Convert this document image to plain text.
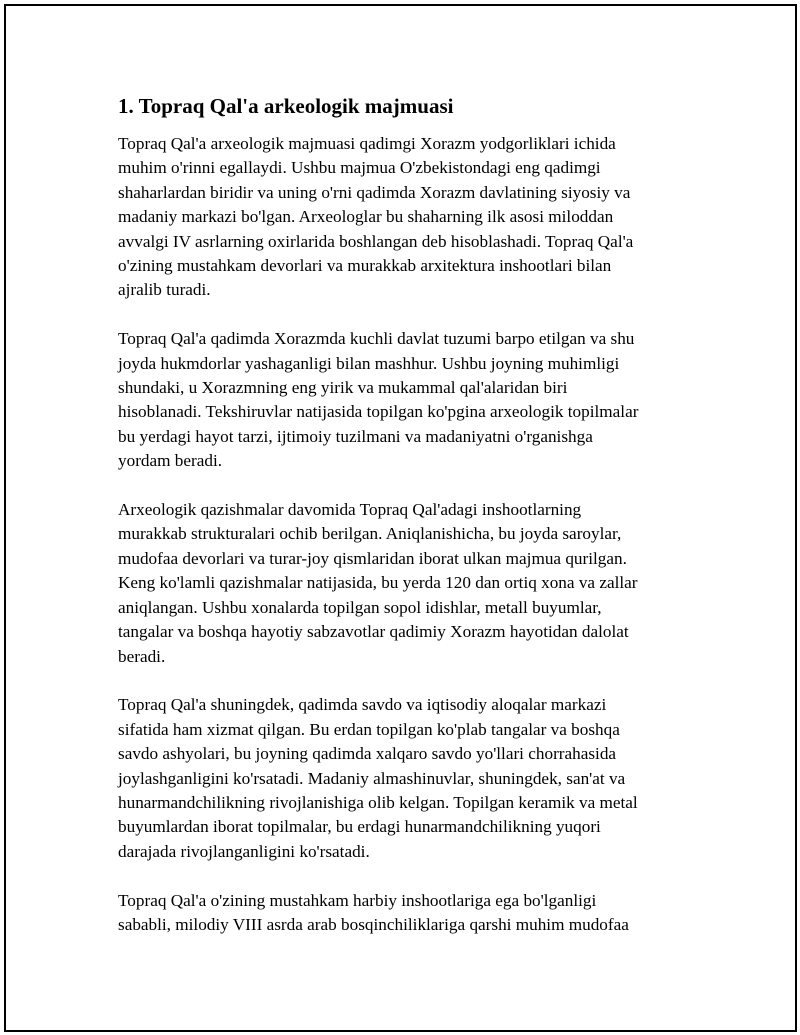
1. Topraq Qal'a arkeologik majmuasi
Topraq Qal'a arxeologik majmuasi qadimgi Xorazm yodgorliklari ichida
muhim o'rinni egallaydi. Ushbu majmua O'zbekistondagi eng qadimgi
shaharlardan biridir va uning o'rni qadimda Xorazm davlatining siyosiy va
madaniy markazi bo'lgan. Arxeologlar bu shaharning ilk asosi miloddan
avvalgi IV asrlarning oxirlarida boshlangan deb hisoblashadi. Topraq Qal'a
o'zining mustahkam devorlari va murakkab arxitektura inshootlari bilan
ajralib turadi.
Topraq Qal'a qadimda Xorazmda kuchli davlat tuzumi barpo etilgan va shu
joyda hukmdorlar yashaganligi bilan mashhur. Ushbu joyning muhimligi
shundaki, u Xorazmning eng yirik va mukammal qal'alaridan biri
hisoblanadi. Tekshiruvlar natijasida topilgan ko'pgina arxeologik topilmalar
bu yerdagi hayot tarzi, ijtimoiy tuzilmani va madaniyatni o'rganishga
yordam beradi.
Arxeologik qazishmalar davomida Topraq Qal'adagi inshootlarning
murakkab strukturalari ochib berilgan. Aniqlanishicha, bu joyda saroylar,
mudofaa devorlari va turar-joy qismlaridan iborat ulkan majmua qurilgan.
Keng ko'lamli qazishmalar natijasida, bu yerda 120 dan ortiq xona va zallar
aniqlangan. Ushbu xonalarda topilgan sopol idishlar, metall buyumlar,
tangalar va boshqa hayotiy sabzavotlar qadimiy Xorazm hayotidan dalolat
beradi.
Topraq Qal'a shuningdek, qadimda savdo va iqtisodiy aloqalar markazi
sifatida ham xizmat qilgan. Bu erdan topilgan ko'plab tangalar va boshqa
savdo ashyolari, bu joyning qadimda xalqaro savdo yo'llari chorrahasida
joylashganligini ko'rsatadi. Madaniy almashinuvlar, shuningdek, san'at va
hunarmandchilikning rivojlanishiga olib kelgan. Topilgan keramik va metal
buyumlardan iborat topilmalar, bu erdagi hunarmandchilikning yuqori
darajada rivojlanganligini ko'rsatadi.
Topraq Qal'a o'zining mustahkam harbiy inshootlariga ega bo'lganligi
sababli, milodiy VIII asrda arab bosqinchiliklariga qarshi muhim mudofaa
